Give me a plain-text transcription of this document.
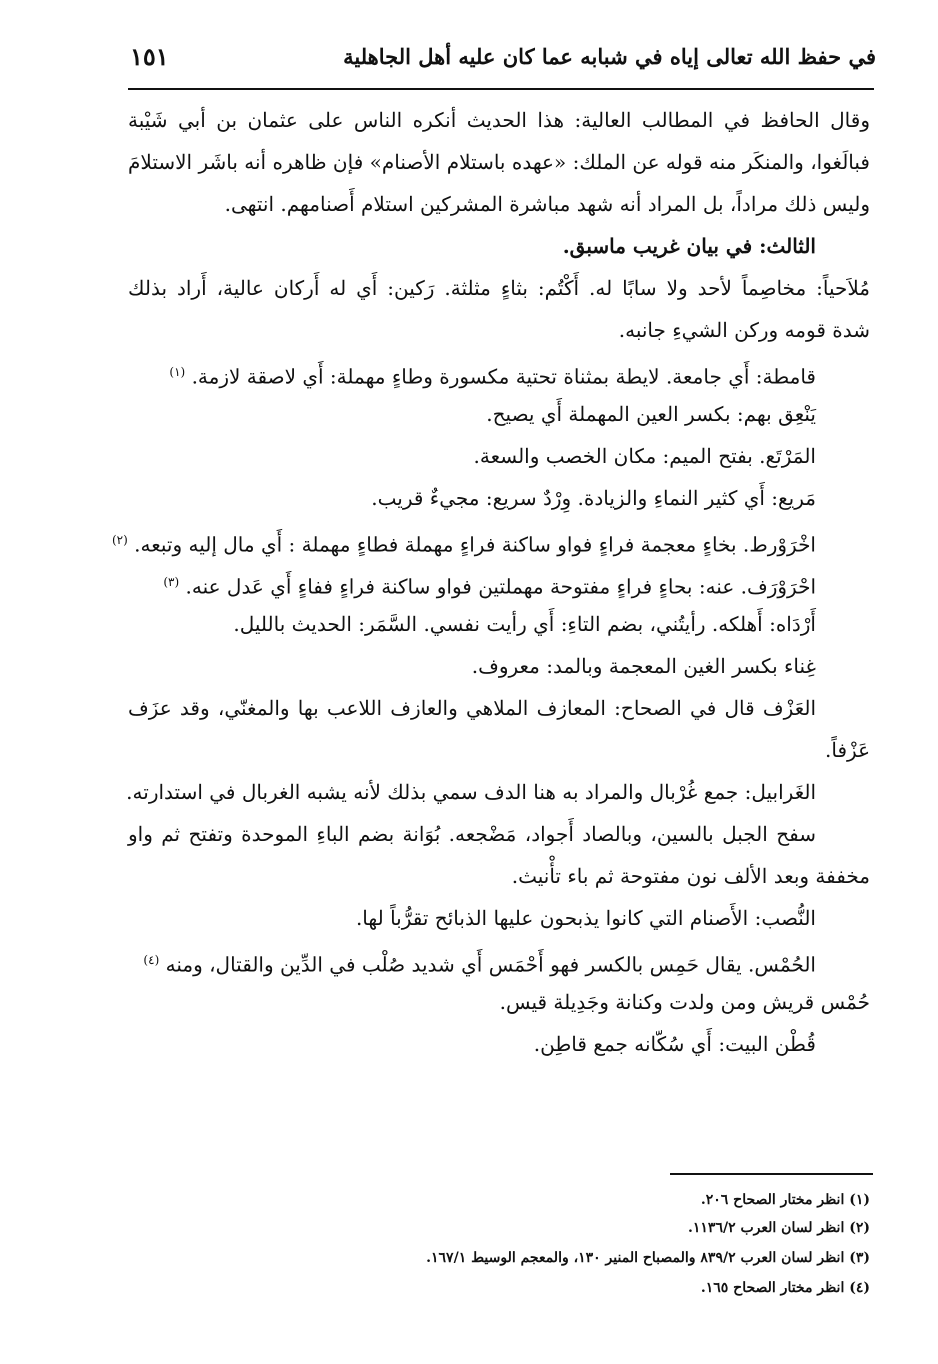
في حفظ الله تعالى إياه في شبابه عما كان عليه أهل الجاهلية
١٥١
وقال الحافظ في المطالب العالية: هذا الحديث أنكره الناس على عثمان بن أبي شَيْبة
فبالَغوا، والمنكَر منه قوله عن الملك: «عهده باستلام الأصنام» فإن ظاهره أنه باشَر الاستلامَ
وليس ذلك مراداً، بل المراد أنه شهد مباشرة المشركين استلام أَصنامهم. انتهى.
الثالث: في بيان غريب ماسبق.
مُلاَحياً: مخاصِماً لأحد ولا سابًا له. أَكْتُم: بثاءٍ مثلثة. رَكين: أَي له أَركان عالية، أَراد بذلك
شدة قومه وركن الشيءِ جانبه.
قامطة: أَي جامعة. لايطة بمثناة تحتية مكسورة وطاءٍ مهملة: أَي لاصقة لازمة. $^{(١)}$
يَنْعِق بهم: بكسر العين المهملة أَي يصيح.
المَرْتَع. بفتح الميم: مكان الخصب والسعة.
مَريع: أَي كثير النماءِ والزيادة. وِرْدٌ سريع: مجيءٌ قريب.
اخْرَوْرط. بخاءٍ معجمة فراءٍ فواو ساكنة فراءٍ مهملة فطاءٍ مهملة : أَي مال إليه وتبعه. $^{(٢)}$
احْرَوْرَف. عنه: بحاءٍ فراءٍ مفتوحة مهملتين فواو ساكنة فراءٍ ففاءٍ أَي عَدل عنه. $^{(٣)}$
أَرْدَاه: أَهلكه. رأيتُني، بضم التاءِ: أَي رأيت نفسي. السَّمَر: الحديث بالليل.
غِناء بكسر الغين المعجمة وبالمد: معروف.
العَزْف قال في الصحاح: المعازف الملاهي والعازف اللاعب بها والمغنّي، وقد عزَف
عَزْفاً.
الغَرابيل: جمع غُرْبال والمراد به هنا الدف سمي بذلك لأنه يشبه الغربال في استدارته.
سفح الجبل بالسين، وبالصاد أَجواد، مَضْجعه. بُوَانة بضم الباءِ الموحدة وتفتح ثم واو
مخففة وبعد الألف نون مفتوحة ثم باء تأْنيث.
النُّصب: الأَصنام التي كانوا يذبحون عليها الذبائح تقرُّباً لها.
الحُمْس. يقال حَمِس بالكسر فهو أَحْمَس أَي شديد صُلْب في الدِّين والقتال، ومنه $^{(٤)}$
حُمْس قريش ومن ولدت وكنانة وجَدِيلة قيس.
قُطْن البيت: أَي سُكّانه جمع قاطِن.
(١) انظر مختار الصحاح ٢٠٦.
(٢) انظر لسان العرب ١١٣٦/٢.
(٣) انظر لسان العرب ٨٣٩/٢ والمصباح المنير ١٣٠، والمعجم الوسيط ١٦٧/١.
(٤) انظر مختار الصحاح ١٦٥.
